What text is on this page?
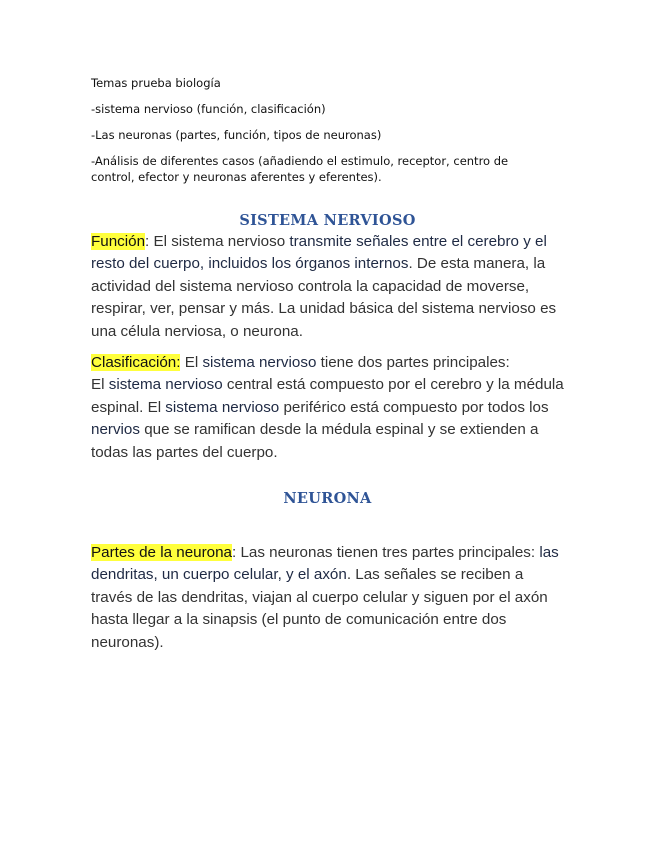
Temas prueba biología

-sistema nervioso (función, clasificación)

-Las neuronas (partes, función, tipos de neuronas)

-Análisis de diferentes casos (añadiendo el estimulo, receptor, centro de
control, efector y neuronas aferentes y eferentes).

SISTEMA NERVIOSO

Función: El sistema nervioso transmite señales entre el cerebro y el resto del cuerpo, incluidos los órganos internos. De esta manera, la actividad del sistema nervioso controla la capacidad de moverse, respirar, ver, pensar y más. La unidad básica del sistema nervioso es una célula nerviosa, o neurona.

Clasificación: El sistema nervioso tiene dos partes principales:
El sistema nervioso central está compuesto por el cerebro y la médula espinal. El sistema nervioso periférico está compuesto por todos los nervios que se ramifican desde la médula espinal y se extienden a todas las partes del cuerpo.

NEURONA

Partes de la neurona: Las neuronas tienen tres partes principales: las dendritas, un cuerpo celular, y el axón. Las señales se reciben a través de las dendritas, viajan al cuerpo celular y siguen por el axón hasta llegar a la sinapsis (el punto de comunicación entre dos neuronas).
